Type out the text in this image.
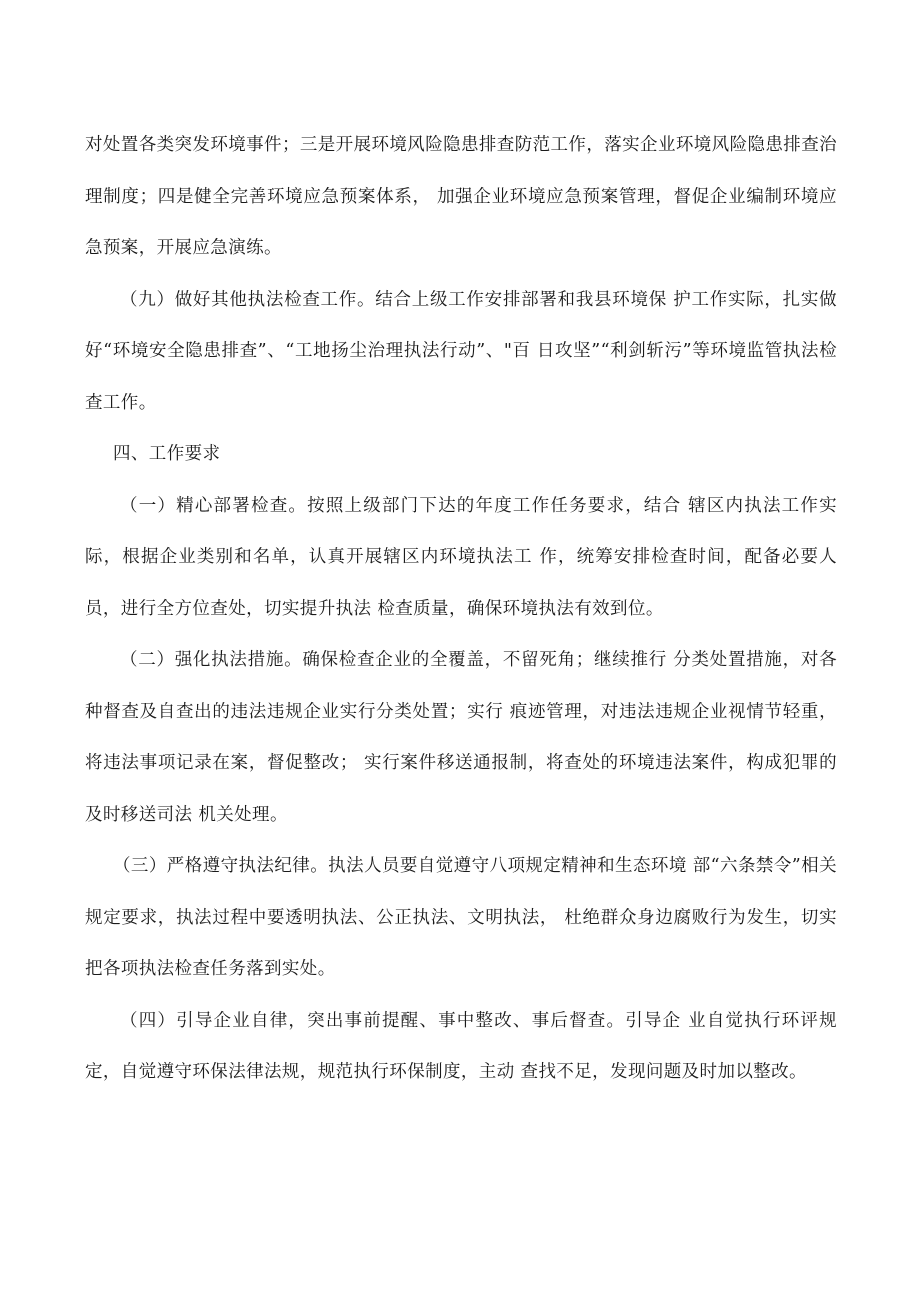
对处置各类突发环境事件；三是开展环境风险隐患排查防范工作，落实企业环境风险隐患排查治理制度；四是健全完善环境应急预案体系， 加强企业环境应急预案管理，督促企业编制环境应急预案，开展应急演练。

（九）做好其他执法检查工作。结合上级工作安排部署和我县环境保 护工作实际，扎实做好“环境安全隐患排查”、“工地扬尘治理执法行动”、"百 日攻坚”“利剑斩污”等环境监管执法检查工作。

四、工作要求

（一）精心部署检查。按照上级部门下达的年度工作任务要求，结合 辖区内执法工作实际，根据企业类别和名单，认真开展辖区内环境执法工 作，统筹安排检查时间，配备必要人员，进行全方位查处，切实提升执法 检查质量，确保环境执法有效到位。

（二）强化执法措施。确保检查企业的全覆盖，不留死角；继续推行 分类处置措施，对各种督查及自查出的违法违规企业实行分类处置；实行 痕迹管理，对违法违规企业视情节轻重，将违法事项记录在案，督促整改； 实行案件移送通报制，将查处的环境违法案件，构成犯罪的及时移送司法 机关处理。

（三）严格遵守执法纪律。执法人员要自觉遵守八项规定精神和生态环境 部“六条禁令”相关规定要求，执法过程中要透明执法、公正执法、文明执法， 杜绝群众身边腐败行为发生，切实把各项执法检查任务落到实处。

（四）引导企业自律，突出事前提醒、事中整改、事后督查。引导企 业自觉执行环评规定，自觉遵守环保法律法规，规范执行环保制度，主动 查找不足，发现问题及时加以整改。
